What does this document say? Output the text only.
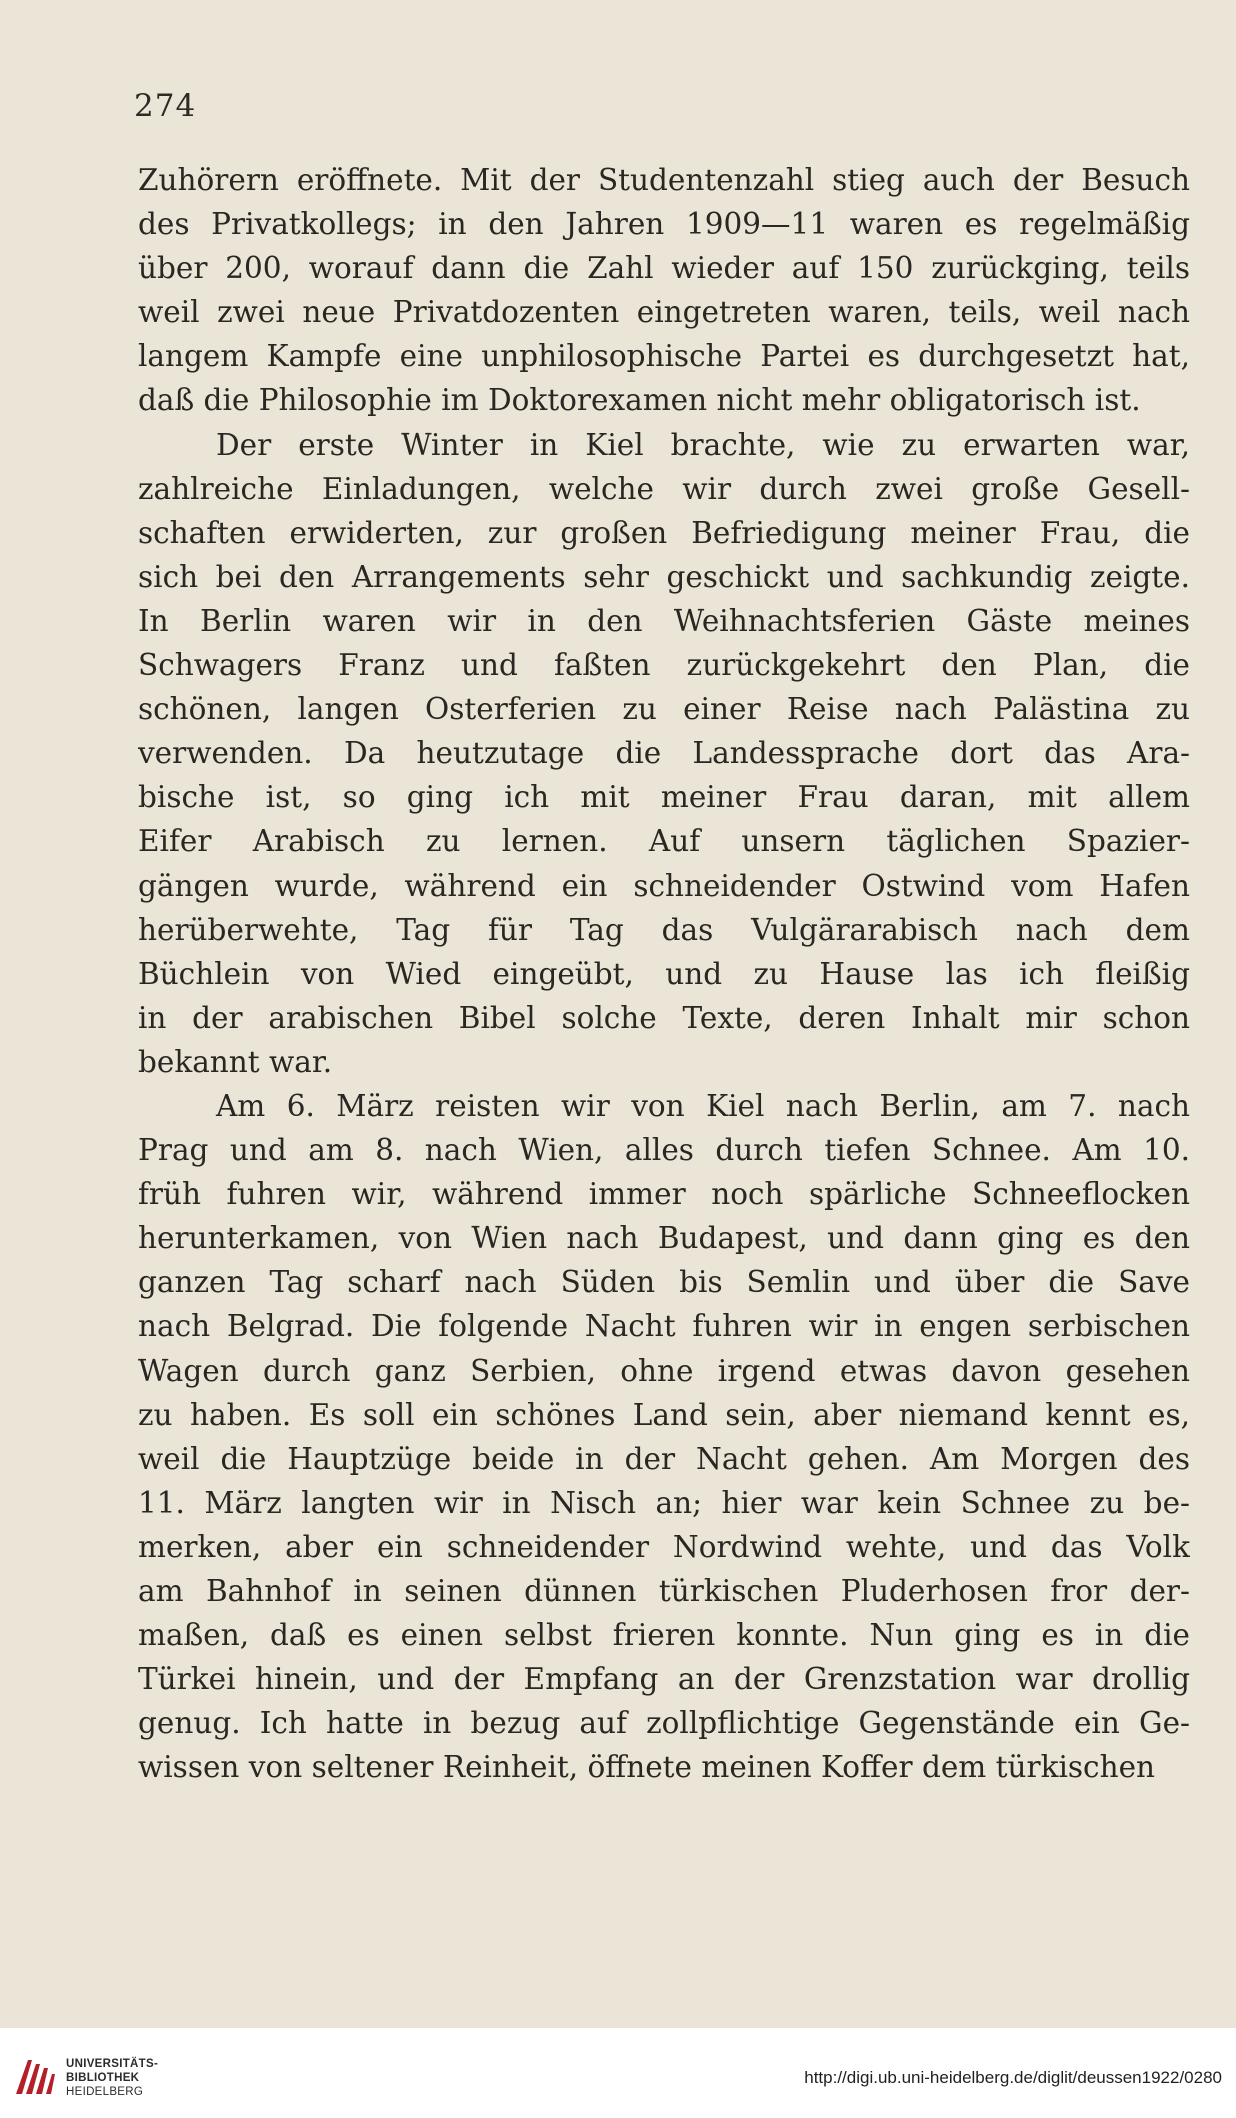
274
Zuhörern eröffnete. Mit der Studentenzahl stieg auch der Besuch
des Privatkollegs; in den Jahren 1909—11 waren es regelmäßig
über 200, worauf dann die Zahl wieder auf 150 zurückging, teils
weil zwei neue Privatdozenten eingetreten waren, teils, weil nach
langem Kampfe eine unphilosophische Partei es durchgesetzt hat,
daß die Philosophie im Doktorexamen nicht mehr obligatorisch ist.
Der erste Winter in Kiel brachte, wie zu erwarten war,
zahlreiche Einladungen, welche wir durch zwei große Gesell-
schaften erwiderten, zur großen Befriedigung meiner Frau, die
sich bei den Arrangements sehr geschickt und sachkundig zeigte.
In Berlin waren wir in den Weihnachtsferien Gäste meines
Schwagers Franz und faßten zurückgekehrt den Plan, die
schönen, langen Osterferien zu einer Reise nach Palästina zu
verwenden. Da heutzutage die Landessprache dort das Ara-
bische ist, so ging ich mit meiner Frau daran, mit allem
Eifer Arabisch zu lernen. Auf unsern täglichen Spazier-
gängen wurde, während ein schneidender Ostwind vom Hafen
herüberwehte, Tag für Tag das Vulgärarabisch nach dem
Büchlein von Wied eingeübt, und zu Hause las ich fleißig
in der arabischen Bibel solche Texte, deren Inhalt mir schon
bekannt war.
Am 6. März reisten wir von Kiel nach Berlin, am 7. nach
Prag und am 8. nach Wien, alles durch tiefen Schnee. Am 10.
früh fuhren wir, während immer noch spärliche Schneeflocken
herunterkamen, von Wien nach Budapest, und dann ging es den
ganzen Tag scharf nach Süden bis Semlin und über die Save
nach Belgrad. Die folgende Nacht fuhren wir in engen serbischen
Wagen durch ganz Serbien, ohne irgend etwas davon gesehen
zu haben. Es soll ein schönes Land sein, aber niemand kennt es,
weil die Hauptzüge beide in der Nacht gehen. Am Morgen des
11. März langten wir in Nisch an; hier war kein Schnee zu be-
merken, aber ein schneidender Nordwind wehte, und das Volk
am Bahnhof in seinen dünnen türkischen Pluderhosen fror der-
maßen, daß es einen selbst frieren konnte. Nun ging es in die
Türkei hinein, und der Empfang an der Grenzstation war drollig
genug. Ich hatte in bezug auf zollpflichtige Gegenstände ein Ge-
wissen von seltener Reinheit, öffnete meinen Koffer dem türkischen
UNIVERSITÄTS-
BIBLIOTHEK
HEIDELBERG
http://digi.ub.uni-heidelberg.de/diglit/deussen1922/0280
